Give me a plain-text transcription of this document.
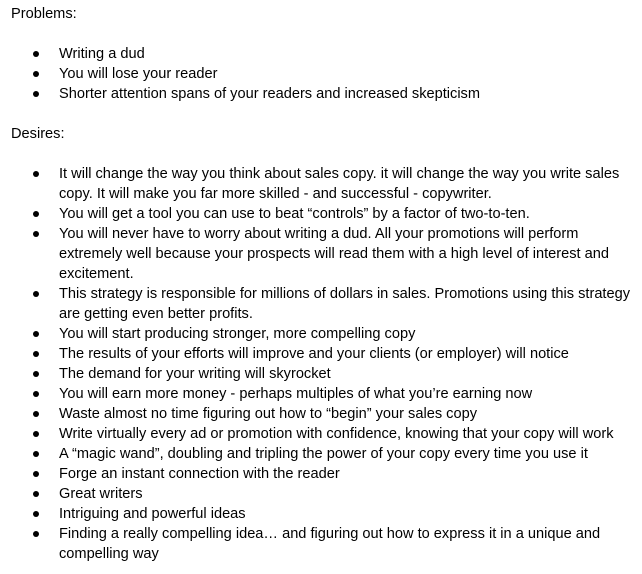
Problems:

Writing a dud
You will lose your reader
Shorter attention spans of your readers and increased skepticism

Desires:

It will change the way you think about sales copy. it will change the way you write sales copy. It will make you far more skilled - and successful - copywriter.
You will get a tool you can use to beat “controls” by a factor of two-to-ten.
You will never have to worry about writing a dud. All your promotions will perform extremely well because your prospects will read them with a high level of interest and excitement.
This strategy is responsible for millions of dollars in sales. Promotions using this strategy are getting even better profits.
You will start producing stronger, more compelling copy
The results of your efforts will improve and your clients (or employer) will notice
The demand for your writing will skyrocket
You will earn more money - perhaps multiples of what you’re earning now
Waste almost no time figuring out how to “begin” your sales copy
Write virtually every ad or promotion with confidence, knowing that your copy will work
A “magic wand”, doubling and tripling the power of your copy every time you use it
Forge an instant connection with the reader
Great writers
Intriguing and powerful ideas
Finding a really compelling idea… and figuring out how to express it in a unique and compelling way
